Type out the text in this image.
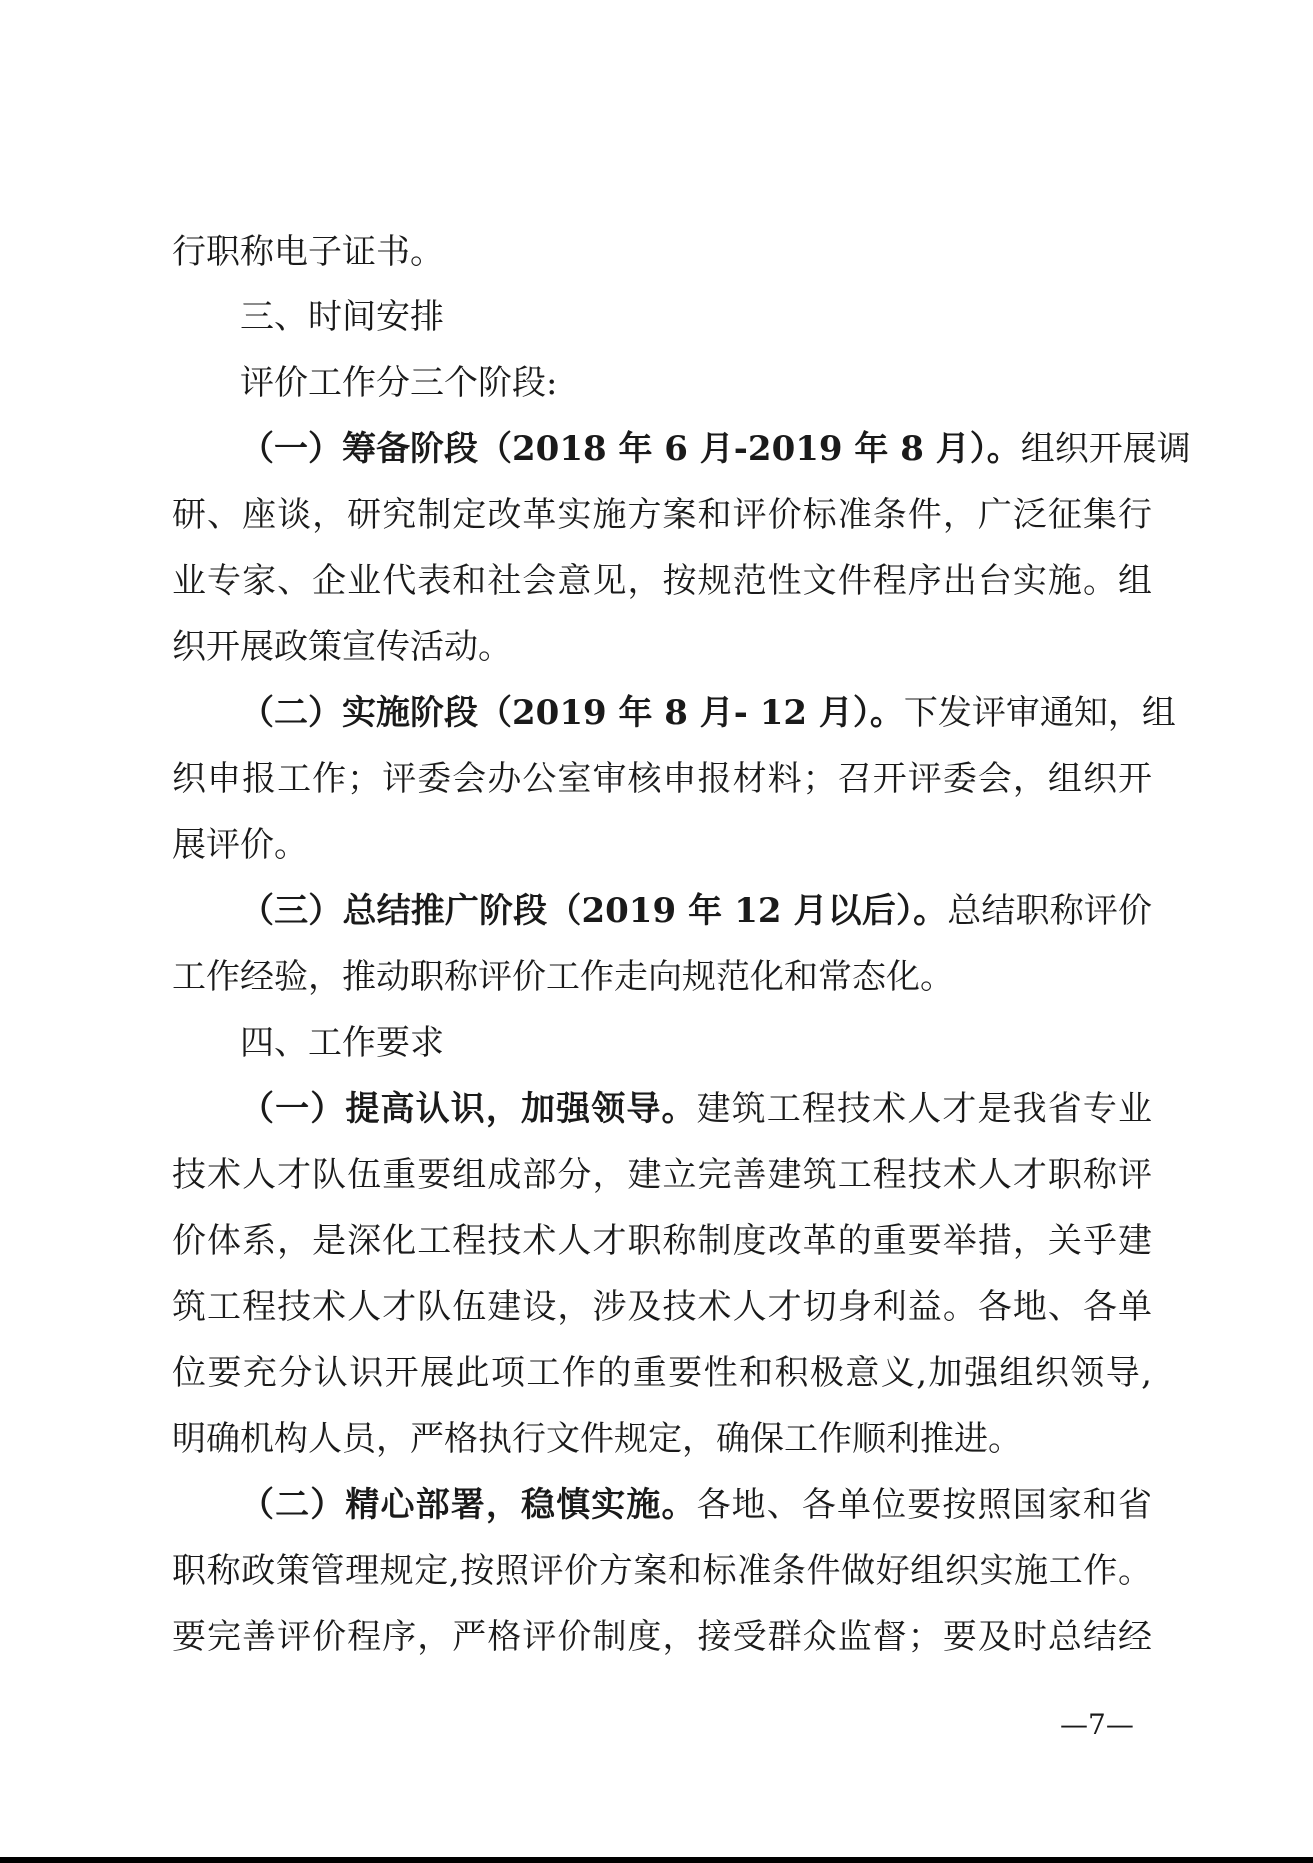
行职称电子证书。
三、时间安排
评价工作分三个阶段:
（一）筹备阶段（2018 年 6 月-2019 年 8 月）。组织开展调
研、座谈，研究制定改革实施方案和评价标准条件，广泛征集行
业专家、企业代表和社会意见，按规范性文件程序出台实施。组
织开展政策宣传活动。
（二）实施阶段（2019 年 8 月- 12 月）。下发评审通知，组
织申报工作；评委会办公室审核申报材料；召开评委会，组织开
展评价。
（三）总结推广阶段（2019 年 12 月以后）。总结职称评价
工作经验，推动职称评价工作走向规范化和常态化。
四、工作要求
（一）提高认识，加强领导。建筑工程技术人才是我省专业
技术人才队伍重要组成部分，建立完善建筑工程技术人才职称评
价体系，是深化工程技术人才职称制度改革的重要举措，关乎建
筑工程技术人才队伍建设，涉及技术人才切身利益。各地、各单
位要充分认识开展此项工作的重要性和积极意义,加强组织领导,
明确机构人员，严格执行文件规定，确保工作顺利推进。
（二）精心部署，稳慎实施。各地、各单位要按照国家和省
职称政策管理规定,按照评价方案和标准条件做好组织实施工作。
要完善评价程序，严格评价制度，接受群众监督；要及时总结经
—7—
